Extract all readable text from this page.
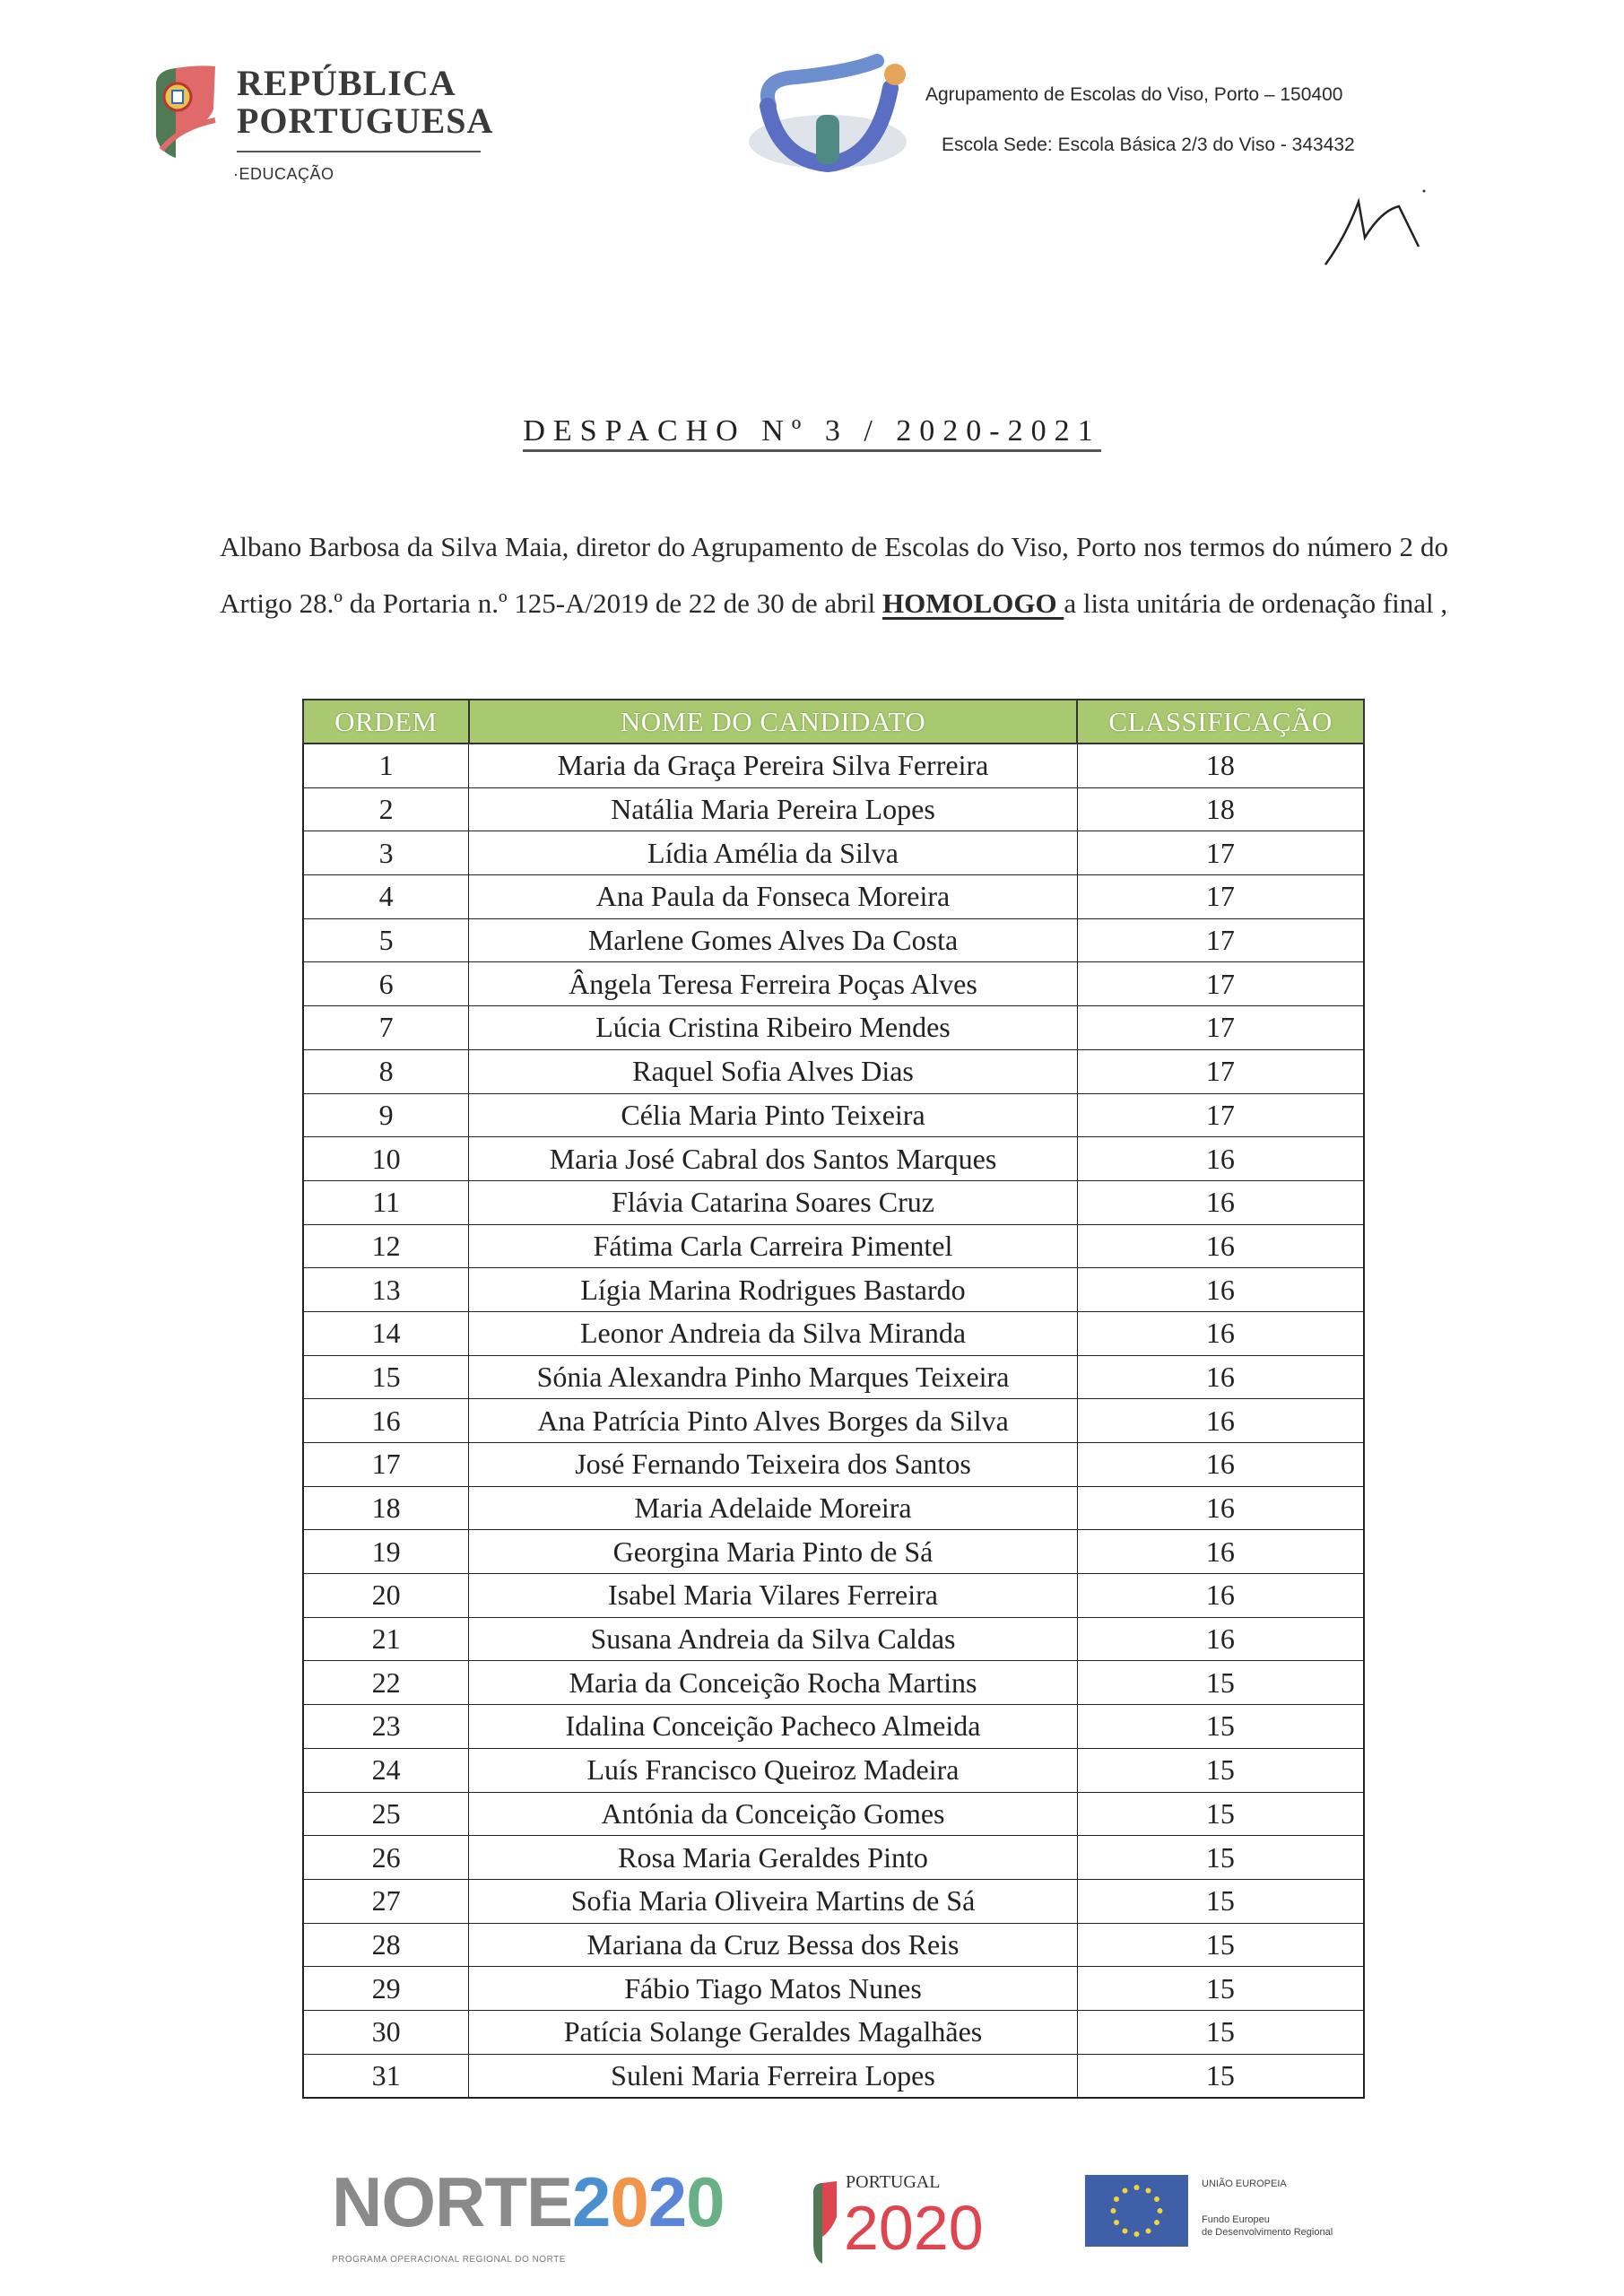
REPÚBLICA
PORTUGUESA
·EDUCAÇÃO
Agrupamento de Escolas do Viso, Porto – 150400
Escola Sede: Escola Básica 2/3 do Viso - 343432
DESPACHO Nº 3 / 2020-2021
Albano Barbosa da Silva Maia, diretor do Agrupamento de Escolas do Viso, Porto nos termos do número 2 do Artigo 28.º da Portaria n.º 125-A/2019 de 22 de 30 de abril HOMOLOGO a lista unitária de ordenação final ,
ORDEM	NOME DO CANDIDATO	CLASSIFICAÇÃO
1	Maria da Graça Pereira Silva Ferreira	18
2	Natália Maria Pereira Lopes	18
3	Lídia Amélia da Silva	17
4	Ana Paula da Fonseca Moreira	17
5	Marlene Gomes Alves Da Costa	17
6	Ângela Teresa Ferreira Poças Alves	17
7	Lúcia Cristina Ribeiro Mendes	17
8	Raquel Sofia Alves Dias	17
9	Célia Maria Pinto Teixeira	17
10	Maria José Cabral dos Santos Marques	16
11	Flávia Catarina Soares Cruz	16
12	Fátima Carla Carreira Pimentel	16
13	Lígia Marina Rodrigues Bastardo	16
14	Leonor Andreia da Silva Miranda	16
15	Sónia Alexandra Pinho Marques Teixeira	16
16	Ana Patrícia Pinto Alves Borges da Silva	16
17	José Fernando Teixeira dos Santos	16
18	Maria Adelaide Moreira	16
19	Georgina Maria Pinto de Sá	16
20	Isabel Maria Vilares Ferreira	16
21	Susana Andreia da Silva Caldas	16
22	Maria da Conceição Rocha Martins	15
23	Idalina Conceição Pacheco Almeida	15
24	Luís Francisco Queiroz Madeira	15
25	Antónia da Conceição Gomes	15
26	Rosa Maria Geraldes Pinto	15
27	Sofia Maria Oliveira Martins de Sá	15
28	Mariana da Cruz Bessa dos Reis	15
29	Fábio Tiago Matos Nunes	15
30	Patícia Solange Geraldes Magalhães	15
31	Suleni Maria Ferreira Lopes	15
NORTE2020
PROGRAMA OPERACIONAL REGIONAL DO NORTE
PORTUGAL
2020
UNIÃO EUROPEIA
Fundo Europeu
de Desenvolvimento Regional
